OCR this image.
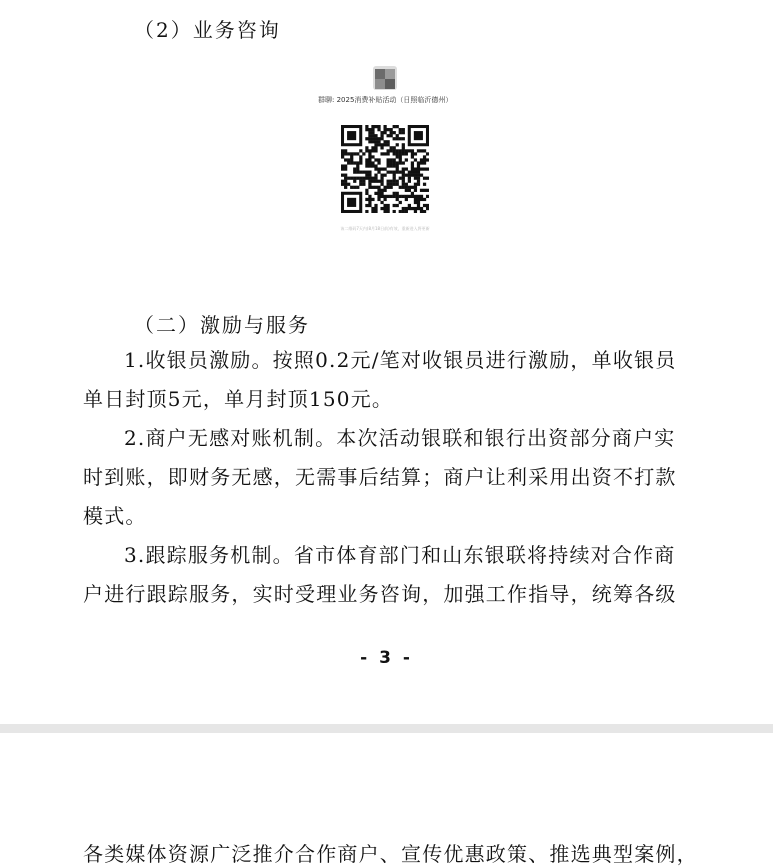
（2）业务咨询
群聊: 2025消费补贴活动（日照临沂德州）
该二维码7天内(8月18日前)有效，重新进入将更新
（二）激励与服务
1.收银员激励。按照0.2元/笔对收银员进行激励，单收银员
单日封顶5元，单月封顶150元。
2.商户无感对账机制。本次活动银联和银行出资部分商户实
时到账，即财务无感，无需事后结算；商户让利采用出资不打款
模式。
3.跟踪服务机制。省市体育部门和山东银联将持续对合作商
户进行跟踪服务，实时受理业务咨询，加强工作指导，统筹各级
- 3 -
各类媒体资源广泛推介合作商户、宣传优惠政策、推选典型案例，
